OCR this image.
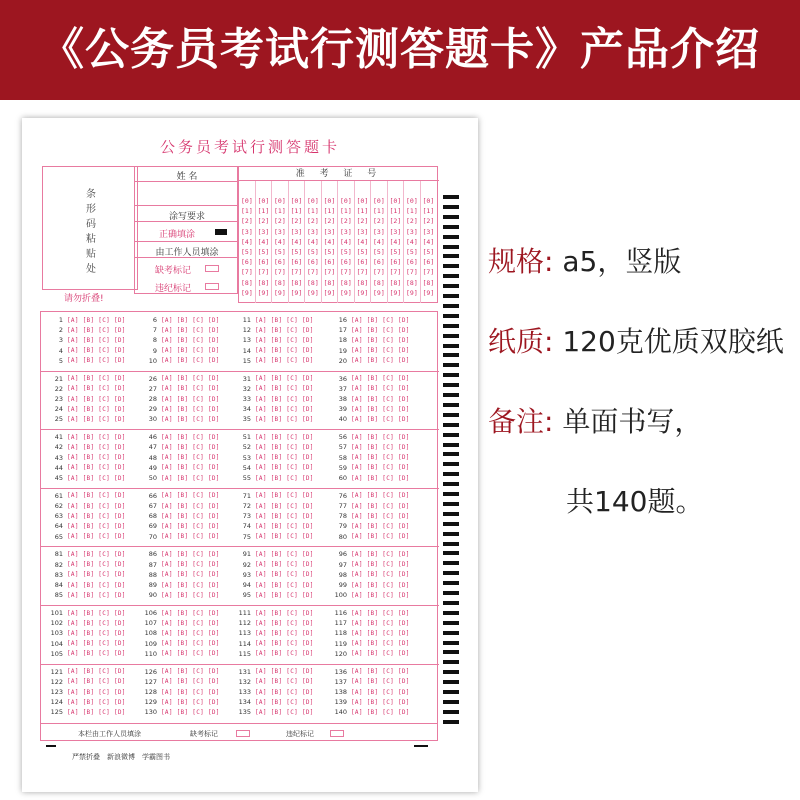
《公务员考试行测答题卡》产品介绍
公务员考试行测答题卡
条形码粘贴处
请勿折叠!
姓 名
涂写要求
正确填涂
由工作人员填涂
缺考标记
违纪标记
准 考 证 号
[0]
[1]
[2]
[3]
[4]
[5]
[6]
[7]
[8]
[9]
[0]
[1]
[2]
[3]
[4]
[5]
[6]
[7]
[8]
[9]
[0]
[1]
[2]
[3]
[4]
[5]
[6]
[7]
[8]
[9]
[0]
[1]
[2]
[3]
[4]
[5]
[6]
[7]
[8]
[9]
[0]
[1]
[2]
[3]
[4]
[5]
[6]
[7]
[8]
[9]
[0]
[1]
[2]
[3]
[4]
[5]
[6]
[7]
[8]
[9]
[0]
[1]
[2]
[3]
[4]
[5]
[6]
[7]
[8]
[9]
[0]
[1]
[2]
[3]
[4]
[5]
[6]
[7]
[8]
[9]
[0]
[1]
[2]
[3]
[4]
[5]
[6]
[7]
[8]
[9]
[0]
[1]
[2]
[3]
[4]
[5]
[6]
[7]
[8]
[9]
[0]
[1]
[2]
[3]
[4]
[5]
[6]
[7]
[8]
[9]
[0]
[1]
[2]
[3]
[4]
[5]
[6]
[7]
[8]
[9]
1 [A] [B] [C] [D]
2 [A] [B] [C] [D]
3 [A] [B] [C] [D]
4 [A] [B] [C] [D]
5 [A] [B] [C] [D]
6 [A] [B] [C] [D]
7 [A] [B] [C] [D]
8 [A] [B] [C] [D]
9 [A] [B] [C] [D]
10 [A] [B] [C] [D]
11 [A] [B] [C] [D]
12 [A] [B] [C] [D]
13 [A] [B] [C] [D]
14 [A] [B] [C] [D]
15 [A] [B] [C] [D]
16 [A] [B] [C] [D]
17 [A] [B] [C] [D]
18 [A] [B] [C] [D]
19 [A] [B] [C] [D]
20 [A] [B] [C] [D]
21 [A] [B] [C] [D]
22 [A] [B] [C] [D]
23 [A] [B] [C] [D]
24 [A] [B] [C] [D]
25 [A] [B] [C] [D]
26 [A] [B] [C] [D]
27 [A] [B] [C] [D]
28 [A] [B] [C] [D]
29 [A] [B] [C] [D]
30 [A] [B] [C] [D]
31 [A] [B] [C] [D]
32 [A] [B] [C] [D]
33 [A] [B] [C] [D]
34 [A] [B] [C] [D]
35 [A] [B] [C] [D]
36 [A] [B] [C] [D]
37 [A] [B] [C] [D]
38 [A] [B] [C] [D]
39 [A] [B] [C] [D]
40 [A] [B] [C] [D]
41 [A] [B] [C] [D]
42 [A] [B] [C] [D]
43 [A] [B] [C] [D]
44 [A] [B] [C] [D]
45 [A] [B] [C] [D]
46 [A] [B] [C] [D]
47 [A] [B] [C] [D]
48 [A] [B] [C] [D]
49 [A] [B] [C] [D]
50 [A] [B] [C] [D]
51 [A] [B] [C] [D]
52 [A] [B] [C] [D]
53 [A] [B] [C] [D]
54 [A] [B] [C] [D]
55 [A] [B] [C] [D]
56 [A] [B] [C] [D]
57 [A] [B] [C] [D]
58 [A] [B] [C] [D]
59 [A] [B] [C] [D]
60 [A] [B] [C] [D]
61 [A] [B] [C] [D]
62 [A] [B] [C] [D]
63 [A] [B] [C] [D]
64 [A] [B] [C] [D]
65 [A] [B] [C] [D]
66 [A] [B] [C] [D]
67 [A] [B] [C] [D]
68 [A] [B] [C] [D]
69 [A] [B] [C] [D]
70 [A] [B] [C] [D]
71 [A] [B] [C] [D]
72 [A] [B] [C] [D]
73 [A] [B] [C] [D]
74 [A] [B] [C] [D]
75 [A] [B] [C] [D]
76 [A] [B] [C] [D]
77 [A] [B] [C] [D]
78 [A] [B] [C] [D]
79 [A] [B] [C] [D]
80 [A] [B] [C] [D]
81 [A] [B] [C] [D]
82 [A] [B] [C] [D]
83 [A] [B] [C] [D]
84 [A] [B] [C] [D]
85 [A] [B] [C] [D]
86 [A] [B] [C] [D]
87 [A] [B] [C] [D]
88 [A] [B] [C] [D]
89 [A] [B] [C] [D]
90 [A] [B] [C] [D]
91 [A] [B] [C] [D]
92 [A] [B] [C] [D]
93 [A] [B] [C] [D]
94 [A] [B] [C] [D]
95 [A] [B] [C] [D]
96 [A] [B] [C] [D]
97 [A] [B] [C] [D]
98 [A] [B] [C] [D]
99 [A] [B] [C] [D]
100 [A] [B] [C] [D]
101 [A] [B] [C] [D]
102 [A] [B] [C] [D]
103 [A] [B] [C] [D]
104 [A] [B] [C] [D]
105 [A] [B] [C] [D]
106 [A] [B] [C] [D]
107 [A] [B] [C] [D]
108 [A] [B] [C] [D]
109 [A] [B] [C] [D]
110 [A] [B] [C] [D]
111 [A] [B] [C] [D]
112 [A] [B] [C] [D]
113 [A] [B] [C] [D]
114 [A] [B] [C] [D]
115 [A] [B] [C] [D]
116 [A] [B] [C] [D]
117 [A] [B] [C] [D]
118 [A] [B] [C] [D]
119 [A] [B] [C] [D]
120 [A] [B] [C] [D]
121 [A] [B] [C] [D]
122 [A] [B] [C] [D]
123 [A] [B] [C] [D]
124 [A] [B] [C] [D]
125 [A] [B] [C] [D]
126 [A] [B] [C] [D]
127 [A] [B] [C] [D]
128 [A] [B] [C] [D]
129 [A] [B] [C] [D]
130 [A] [B] [C] [D]
131 [A] [B] [C] [D]
132 [A] [B] [C] [D]
133 [A] [B] [C] [D]
134 [A] [B] [C] [D]
135 [A] [B] [C] [D]
136 [A] [B] [C] [D]
137 [A] [B] [C] [D]
138 [A] [B] [C] [D]
139 [A] [B] [C] [D]
140 [A] [B] [C] [D]
本栏由工作人员填涂	缺考标记	违纪标记
严禁折叠　新浪微博　学霸图书
规格: a5，竖版
纸质: 120克优质双胶纸
备注: 单面书写，
共140题。
